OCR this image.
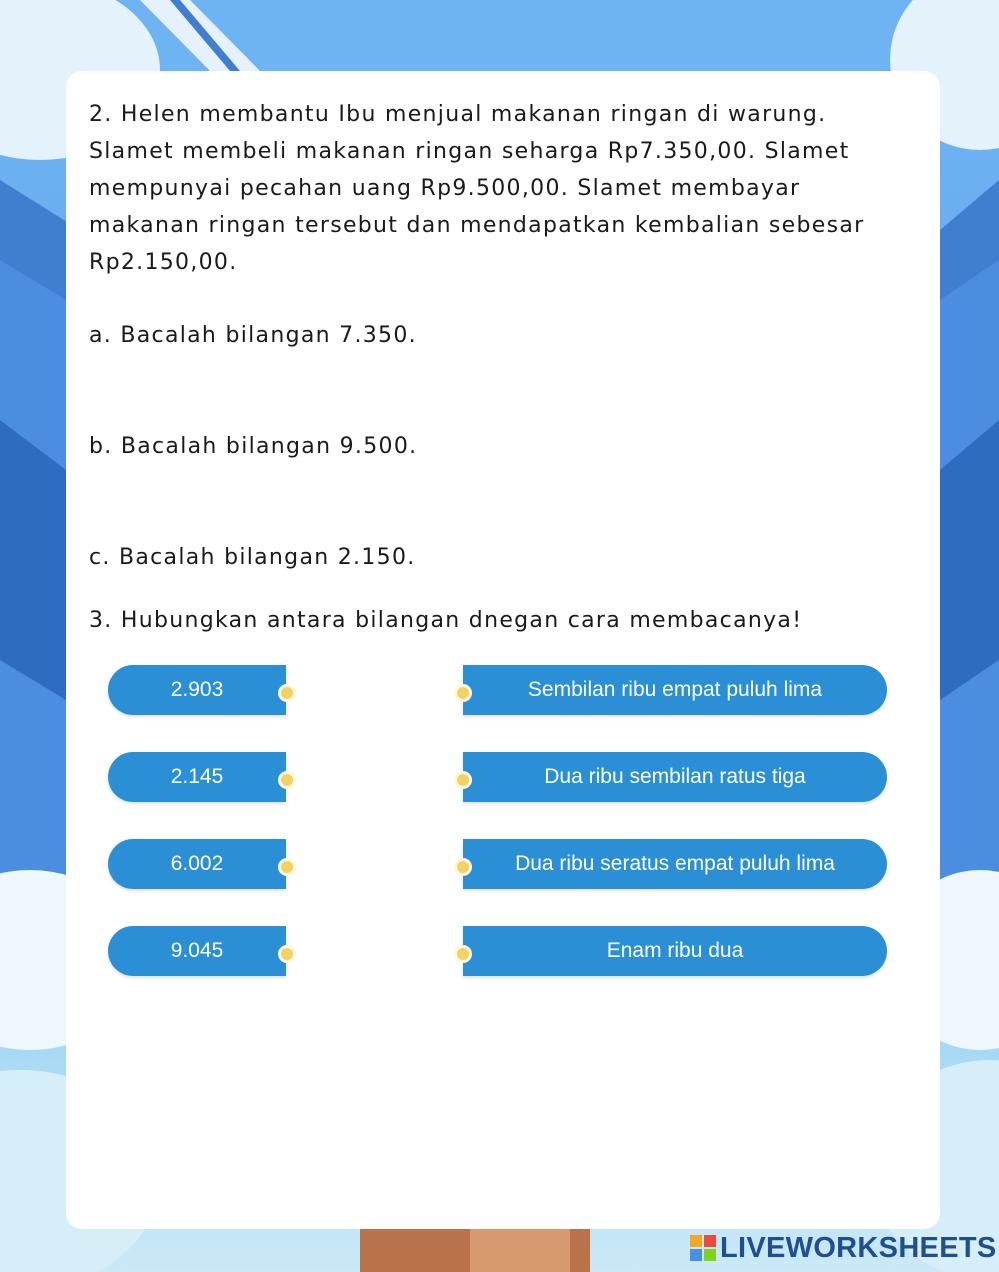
2. Helen membantu Ibu menjual makanan ringan di warung.

Slamet membeli makanan ringan seharga Rp7.350,00. Slamet

mempunyai pecahan uang Rp9.500,00. Slamet membayar

makanan ringan tersebut dan mendapatkan kembalian sebesar

Rp2.150,00.

a. Bacalah bilangan 7.350.

b. Bacalah bilangan 9.500.

c. Bacalah bilangan 2.150.

3. Hubungkan antara bilangan dnegan cara membacanya!

2.903
2.145
6.002
9.045
Sembilan ribu empat puluh lima
Dua ribu sembilan ratus tiga
Dua ribu seratus empat puluh lima
Enam ribu dua
LIVEWORKSHEETS
